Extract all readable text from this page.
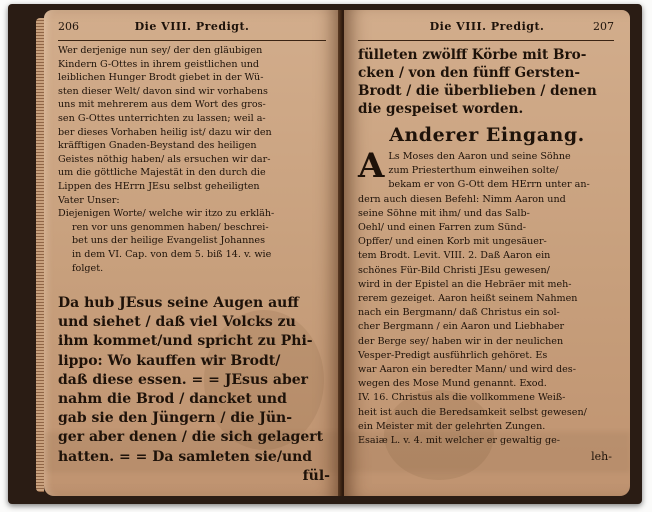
206	Die VIII. Predigt.
Wer derjenige nun sey/ der den gläubigen
Kindern G-Ottes in ihrem geistlichen und
leiblichen Hunger Brodt giebet in der Wü-
sten dieser Welt/ davon sind wir vorhabens
uns mit mehrerem aus dem Wort des gros-
sen G-Ottes unterrichten zu lassen; weil a-
ber dieses Vorhaben heilig ist/ dazu wir den
kräfftigen Gnaden-Beystand des heiligen
Geistes nöthig haben/ als ersuchen wir dar-
um die göttliche Majestät in den durch die
Lippen des HErrn JEsu selbst geheiligten
Vater Unser:
Diejenigen Worte/ welche wir itzo zu erkläh-
ren vor uns genommen haben/ beschrei-
bet uns der heilige Evangelist Johannes
in dem VI. Cap. von dem 5. biß 14. v. wie
folget.
Da hub JEsus seine Augen auff
und siehet / daß viel Volcks zu
ihm kommet/und spricht zu Phi-
lippo: Wo kauffen wir Brodt/
daß diese essen. = = JEsus aber
nahm die Brod / dancket und
gab sie den Jüngern / die Jün-
ger aber denen / die sich gelagert
hatten. = = Da samleten sie/und
fül-
Die VIII. Predigt.	207
fülleten zwölff Körbe mit Bro-
cken / von den fünff Gersten-
Brodt / die überblieben / denen
die gespeiset worden.
Anderer Eingang.
A Ls Moses den Aaron und seine Söhne
zum Priesterthum einweihen solte/
bekam er von G-Ott dem HErrn unter an-
dern auch diesen Befehl: Nimm Aaron und
seine Söhne mit ihm/ und das Salb-
Oehl/ und einen Farren zum Sünd-
Opffer/ und einen Korb mit ungesäuer-
tem Brodt. Levit. VIII. 2. Daß Aaron ein
schönes Für-Bild Christi JEsu gewesen/
wird in der Epistel an die Hebräer mit meh-
rerem gezeiget. Aaron heißt seinem Nahmen
nach ein Bergmann/ daß Christus ein sol-
cher Bergmann / ein Aaron und Liebhaber
der Berge sey/ haben wir in der neulichen
Vesper-Predigt ausführlich gehöret. Es
war Aaron ein beredter Mann/ und wird des-
wegen des Mose Mund genannt. Exod.
IV. 16. Christus als die vollkommene Weiß-
heit ist auch die Beredsamkeit selbst gewesen/
ein Meister mit der gelehrten Zungen.
Esaiæ L. v. 4. mit welcher er gewaltig ge-
leh-
